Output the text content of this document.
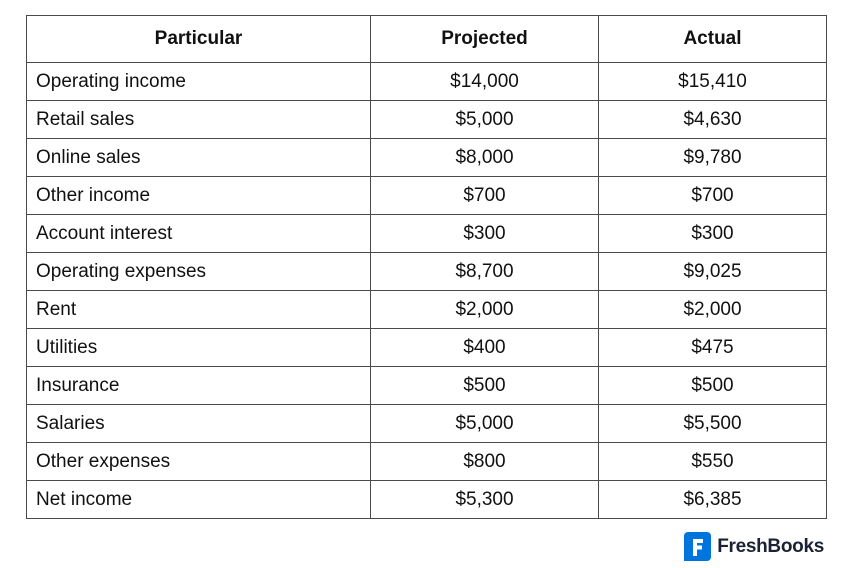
Particular	Projected	Actual
Operating income	$14,000	$15,410
Retail sales	$5,000	$4,630
Online sales	$8,000	$9,780
Other income	$700	$700
Account interest	$300	$300
Operating expenses	$8,700	$9,025
Rent	$2,000	$2,000
Utilities	$400	$475
Insurance	$500	$500
Salaries	$5,000	$5,500
Other expenses	$800	$550
Net income	$5,300	$6,385
FreshBooks
